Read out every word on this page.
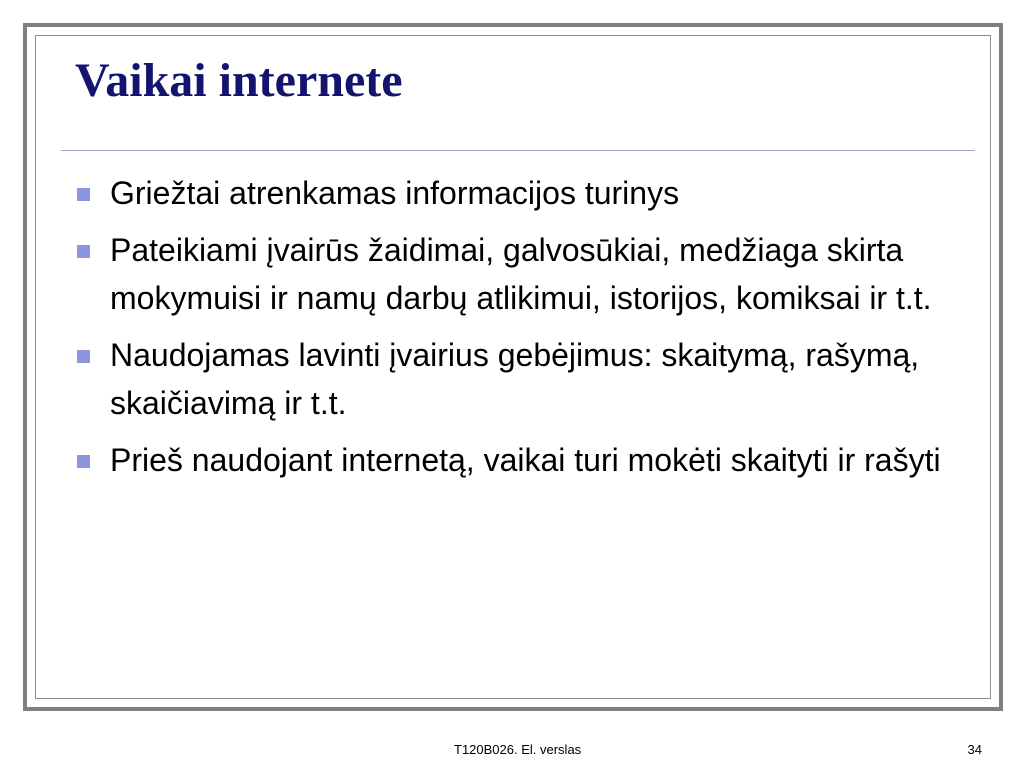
Vaikai internete
Griežtai atrenkamas informacijos turinys
Pateikiami įvairūs žaidimai, galvosūkiai, medžiaga skirta mokymuisi ir namų darbų atlikimui, istorijos, komiksai ir t.t.
Naudojamas lavinti įvairius gebėjimus: skaitymą, rašymą, skaičiavimą ir t.t.
Prieš naudojant internetą, vaikai turi mokėti skaityti ir rašyti
T120B026. El. verslas	34
